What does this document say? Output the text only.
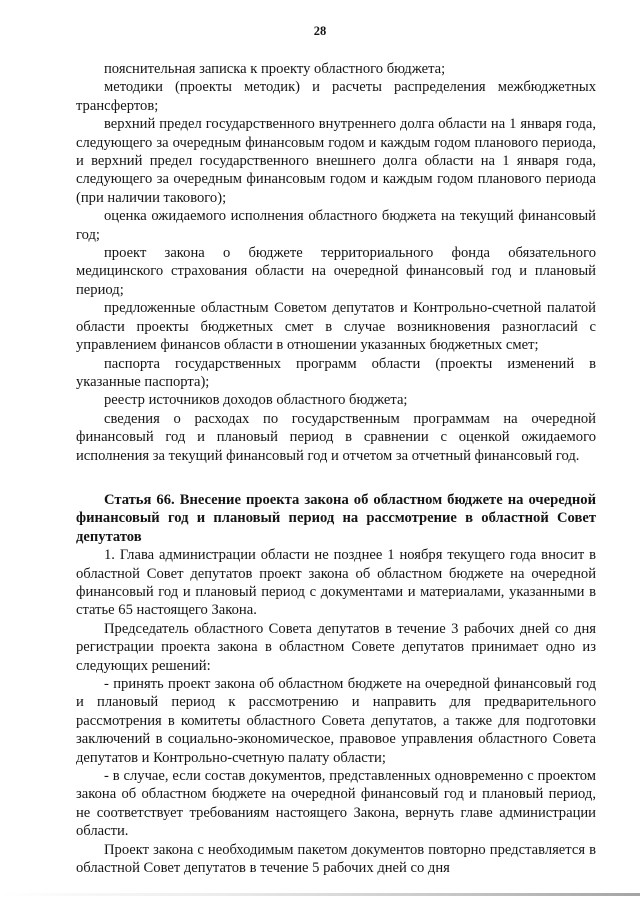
28

пояснительная записка к проекту областного бюджета;

методики (проекты методик) и расчеты распределения межбюджетных трансфертов;

верхний предел государственного внутреннего долга области на 1 января года, следующего за очередным финансовым годом и каждым годом планового периода, и верхний предел государственного внешнего долга области на 1 января года, следующего за очередным финансовым годом и каждым годом планового периода (при наличии такового);

оценка ожидаемого исполнения областного бюджета на текущий финансовый год;

проект закона о бюджете территориального фонда обязательного медицинского страхования области на очередной финансовый год и плановый период;

предложенные областным Советом депутатов и Контрольно-счетной палатой области проекты бюджетных смет в случае возникновения разногласий с управлением финансов области в отношении указанных бюджетных смет;

паспорта государственных программ области (проекты изменений в указанные паспорта);

реестр источников доходов областного бюджета;

сведения о расходах по государственным программам на очередной финансовый год и плановый период в сравнении с оценкой ожидаемого исполнения за текущий финансовый год и отчетом за отчетный финансовый год.

Статья 66. Внесение проекта закона об областном бюджете на очередной финансовый год и плановый период на рассмотрение в областной Совет депутатов

1. Глава администрации области не позднее 1 ноября текущего года вносит в областной Совет депутатов проект закона об областном бюджете на очередной финансовый год и плановый период с документами и материалами, указанными в статье 65 настоящего Закона.

Председатель областного Совета депутатов в течение 3 рабочих дней со дня регистрации проекта закона в областном Совете депутатов принимает одно из следующих решений:

- принять проект закона об областном бюджете на очередной финансовый год и плановый период к рассмотрению и направить для предварительного рассмотрения в комитеты областного Совета депутатов, а также для подготовки заключений в социально-экономическое, правовое управления областного Совета депутатов и Контрольно-счетную палату области;

- в случае, если состав документов, представленных одновременно с проектом закона об областном бюджете на очередной финансовый год и плановый период, не соответствует требованиям настоящего Закона, вернуть главе администрации области.

Проект закона с необходимым пакетом документов повторно представляется в областной Совет депутатов в течение 5 рабочих дней со дня
